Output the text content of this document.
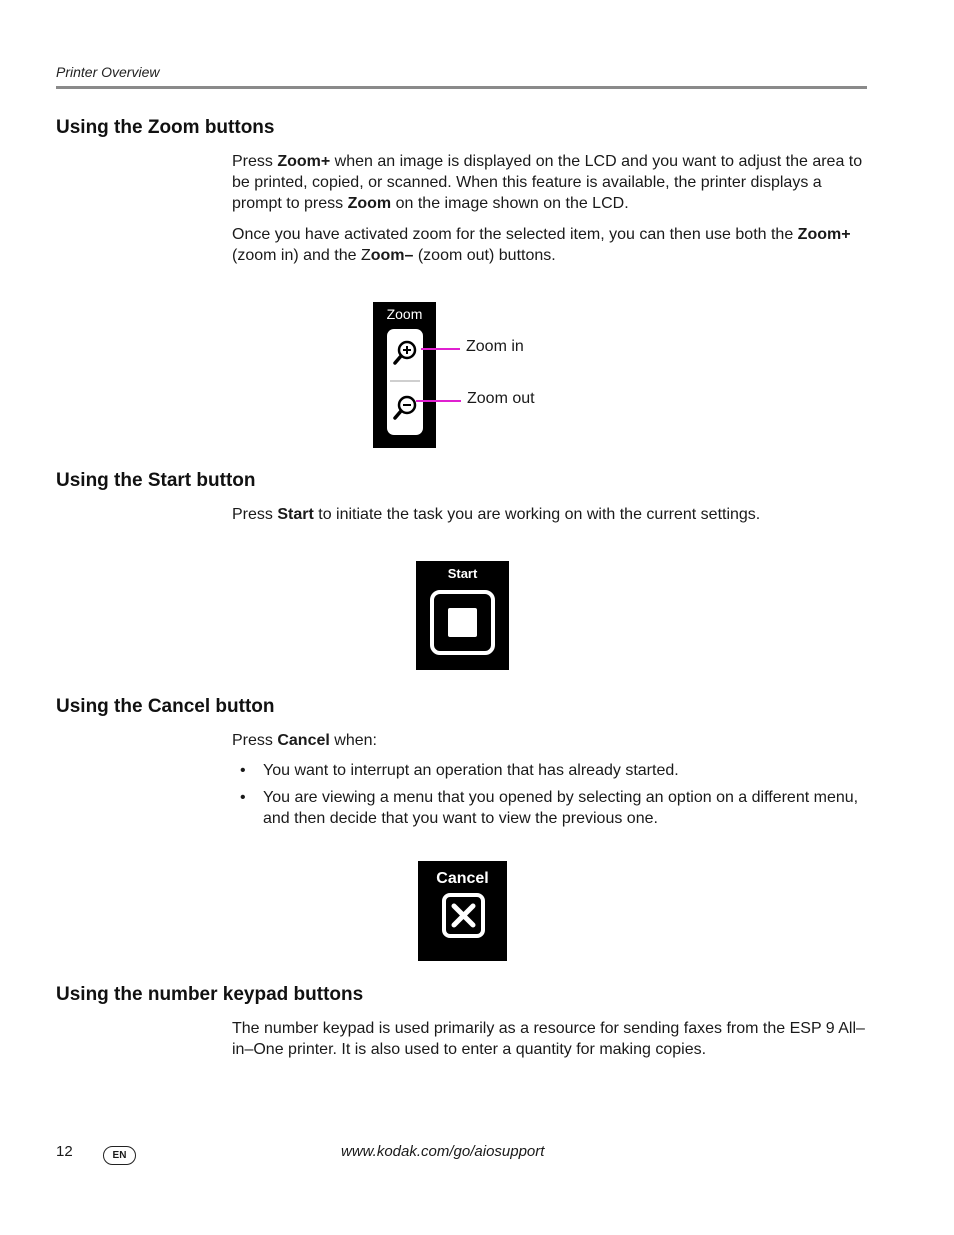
Printer Overview
Using the Zoom buttons

Press Zoom+ when an image is displayed on the LCD and you want to adjust the area to be printed, copied, or scanned. When this feature is available, the printer displays a prompt to press Zoom on the image shown on the LCD.

Once you have activated zoom for the selected item, you can then use both the Zoom+ (zoom in) and the Zoom– (zoom out) buttons.

Zoom
Zoom in
Zoom out
Using the Start button

Press Start to initiate the task you are working on with the current settings.

Start
Using the Cancel button

Press Cancel when:

• You want to interrupt an operation that has already started.
• You are viewing a menu that you opened by selecting an option on a different menu, and then decide that you want to view the previous one.
Cancel
Using the number keypad buttons

The number keypad is used primarily as a resource for sending faxes from the ESP 9 All–in–One printer. It is also used to enter a quantity for making copies.

12	EN	www.kodak.com/go/aiosupport
